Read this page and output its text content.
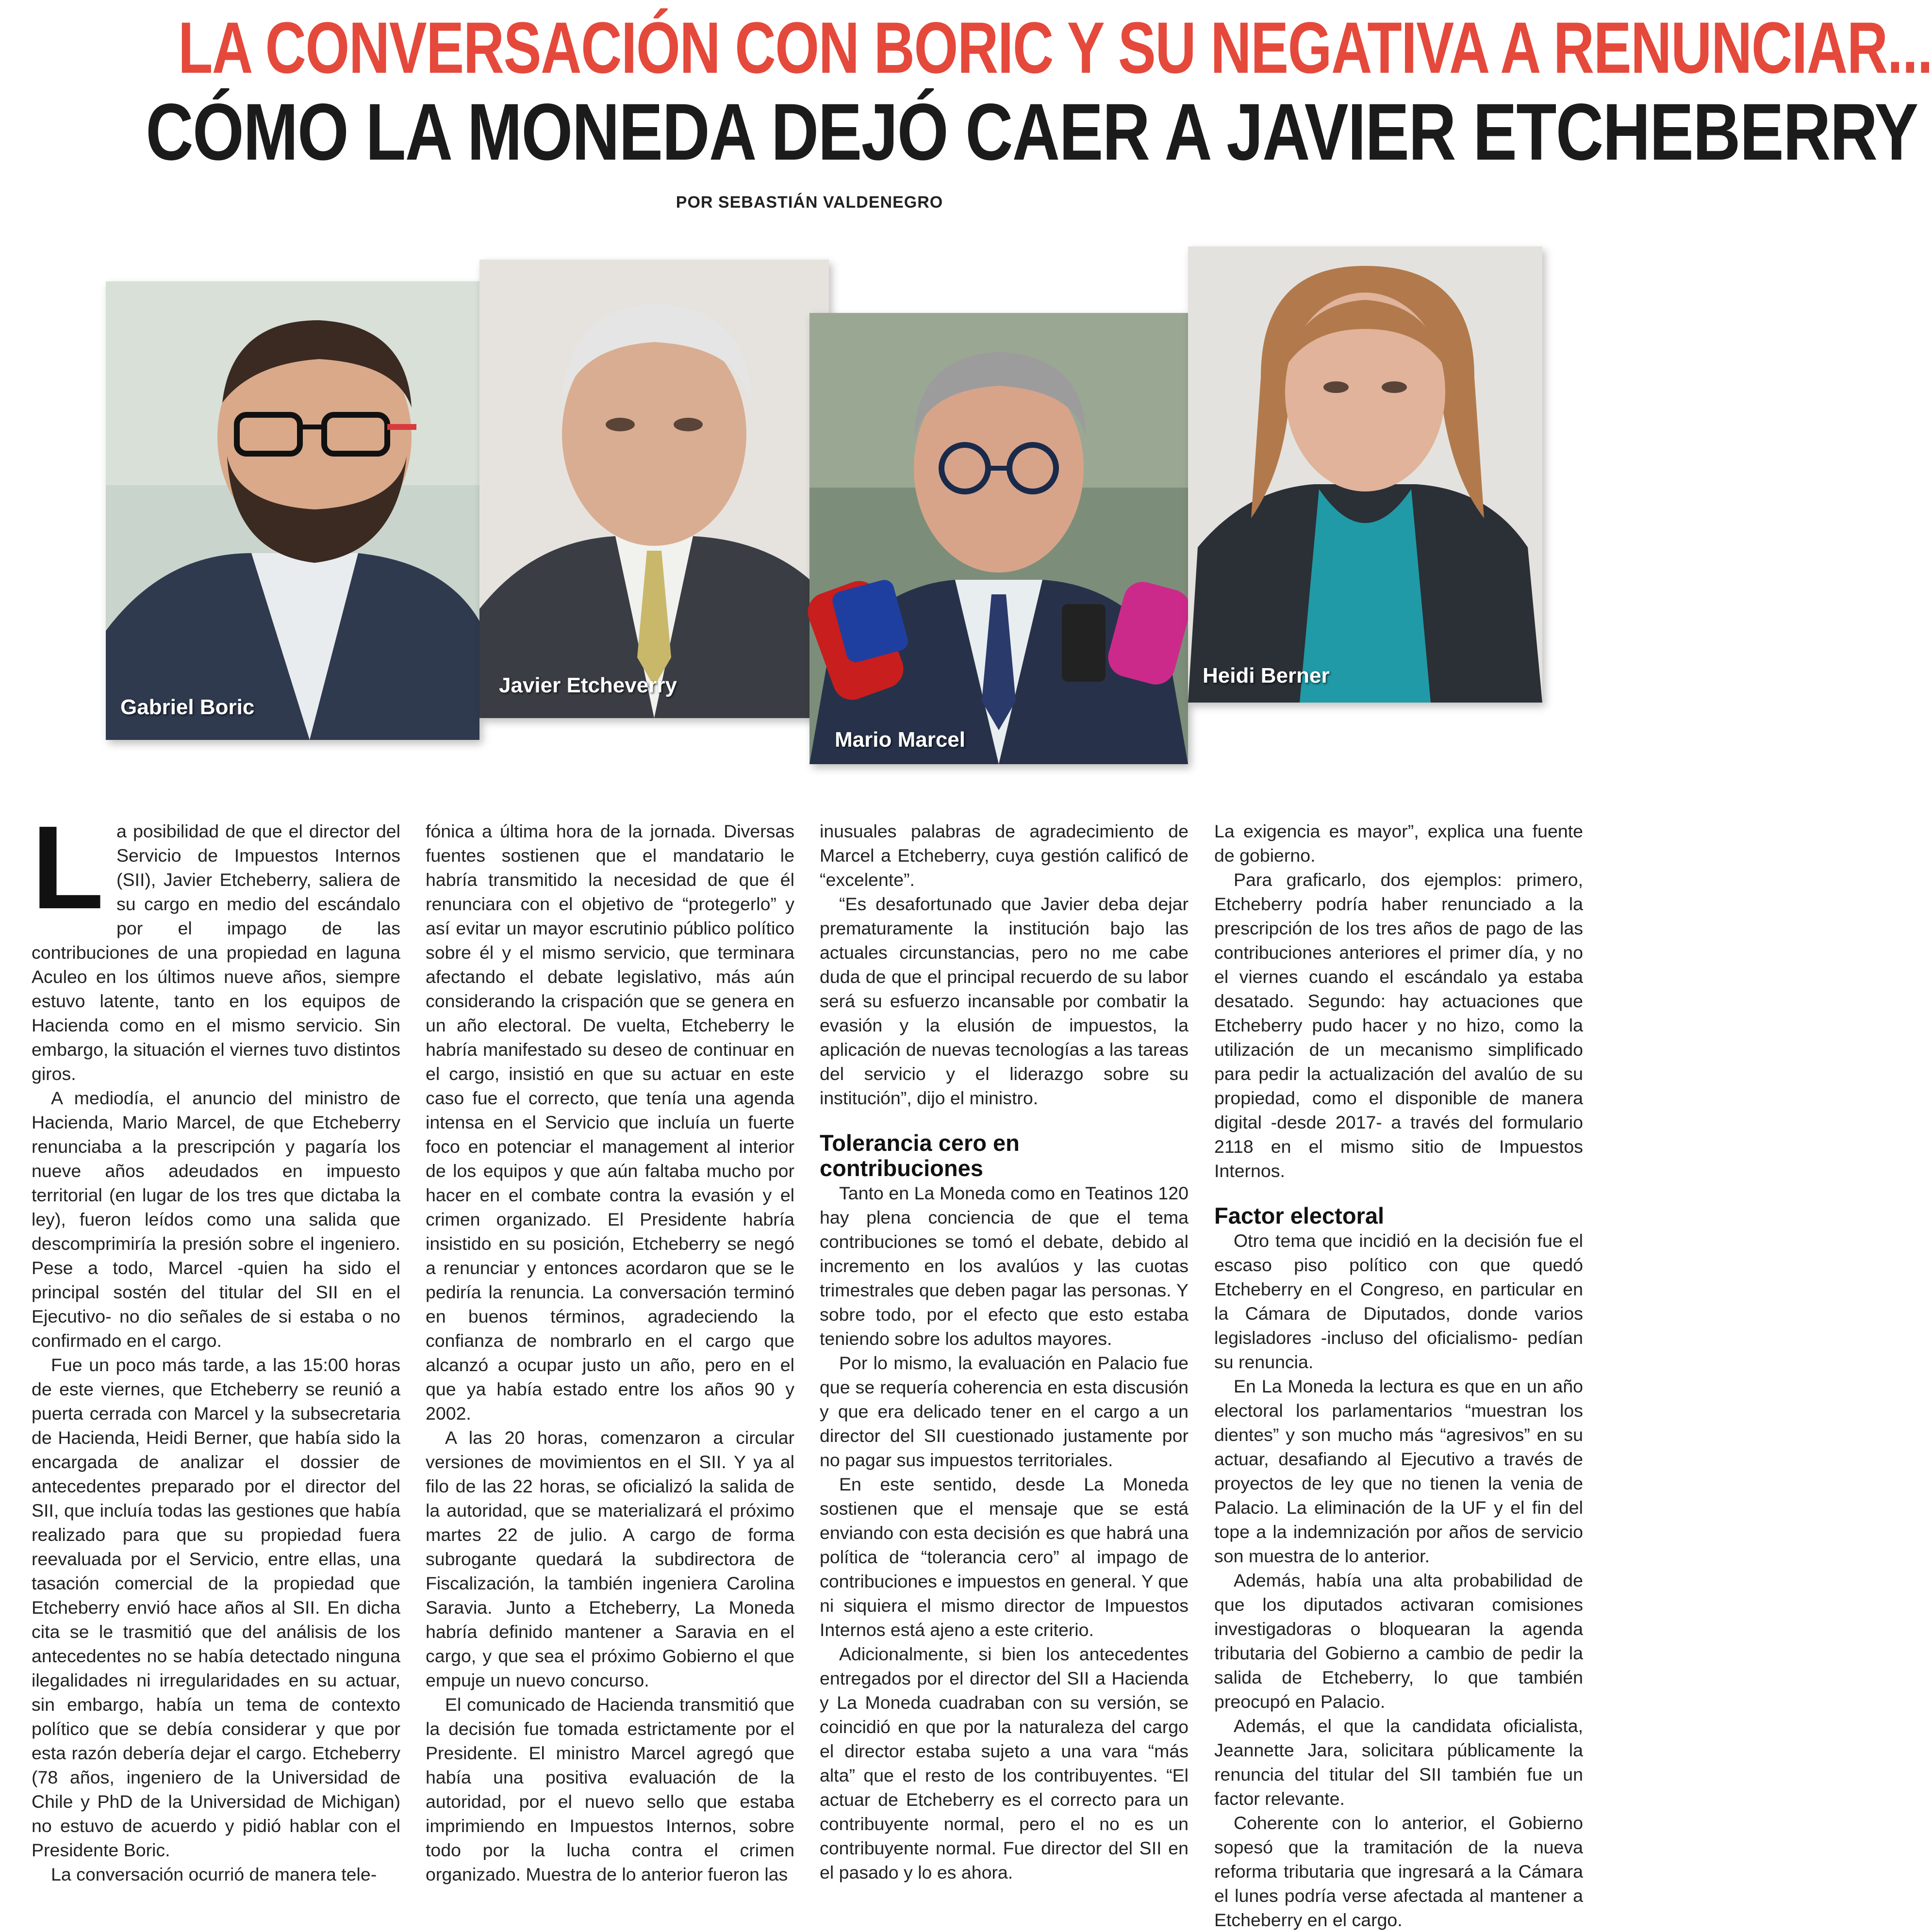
LA CONVERSACIÓN CON BORIC Y SU NEGATIVA A RENUNCIAR...
CÓMO LA MONEDA DEJÓ CAER A JAVIER ETCHEBERRY
POR SEBASTIÁN VALDENEGRO
Gabriel Boric
Javier Etcheverry
Mario Marcel
Heidi Berner
L a posibilidad de que el director del Servicio de Impuestos Internos (SII), Javier Etcheberry, saliera de su cargo en medio del escándalo por el impago de las contribuciones de una propiedad en laguna Aculeo en los últimos nueve años, siempre estuvo latente, tanto en los equipos de Hacienda como en el mismo servicio. Sin embargo, la situación el viernes tuvo distintos giros.

A mediodía, el anuncio del ministro de Hacienda, Mario Marcel, de que Etcheberry renunciaba a la prescripción y pagaría los nueve años adeudados en impuesto territorial (en lugar de los tres que dictaba la ley), fueron leídos como una salida que descomprimiría la presión sobre el ingeniero. Pese a todo, Marcel -quien ha sido el principal sostén del titular del SII en el Ejecutivo- no dio señales de si estaba o no confirmado en el cargo.

Fue un poco más tarde, a las 15:00 horas de este viernes, que Etcheberry se reunió a puerta cerrada con Marcel y la subsecretaria de Hacienda, Heidi Berner, que había sido la encargada de analizar el dossier de antecedentes preparado por el director del SII, que incluía todas las gestiones que había realizado para que su propiedad fuera reevaluada por el Servicio, entre ellas, una tasación comercial de la propiedad que Etcheberry envió hace años al SII. En dicha cita se le trasmitió que del análisis de los antecedentes no se había detectado ninguna ilegalidades ni irregularidades en su actuar, sin embargo, había un tema de contexto político que se debía considerar y que por esta razón debería dejar el cargo. Etcheberry (78 años, ingeniero de la Universidad de Chile y PhD de la Universidad de Michigan) no estuvo de acuerdo y pidió hablar con el Presidente Boric.

La conversación ocurrió de manera tele-

fónica a última hora de la jornada. Diversas fuentes sostienen que el mandatario le habría transmitido la necesidad de que él renunciara con el objetivo de “protegerlo” y así evitar un mayor escrutinio público político sobre él y el mismo servicio, que terminara afectando el debate legislativo, más aún considerando la crispación que se genera en un año electoral. De vuelta, Etcheberry le habría manifestado su deseo de continuar en el cargo, insistió en que su actuar en este caso fue el correcto, que tenía una agenda intensa en el Servicio que incluía un fuerte foco en potenciar el management al interior de los equipos y que aún faltaba mucho por hacer en el combate contra la evasión y el crimen organizado. El Presidente habría insistido en su posición, Etcheberry se negó a renunciar y entonces acordaron que se le pediría la renuncia. La conversación terminó en buenos términos, agradeciendo la confianza de nombrarlo en el cargo que alcanzó a ocupar justo un año, pero en el que ya había estado entre los años 90 y 2002.

A las 20 horas, comenzaron a circular versiones de movimientos en el SII. Y ya al filo de las 22 horas, se oficializó la salida de la autoridad, que se materializará el próximo martes 22 de julio. A cargo de forma subrogante quedará la subdirectora de Fiscalización, la también ingeniera Carolina Saravia. Junto a Etcheberry, La Moneda habría definido mantener a Saravia en el cargo, y que sea el próximo Gobierno el que empuje un nuevo concurso.

El comunicado de Hacienda transmitió que la decisión fue tomada estrictamente por el Presidente. El ministro Marcel agregó que había una positiva evaluación de la autoridad, por el nuevo sello que estaba imprimiendo en Impuestos Internos, sobre todo por la lucha contra el crimen organizado. Muestra de lo anterior fueron las

inusuales palabras de agradecimiento de Marcel a Etcheberry, cuya gestión calificó de “excelente”.

“Es desafortunado que Javier deba dejar prematuramente la institución bajo las actuales circunstancias, pero no me cabe duda de que el principal recuerdo de su labor será su esfuerzo incansable por combatir la evasión y la elusión de impuestos, la aplicación de nuevas tecnologías a las tareas del servicio y el liderazgo sobre su institución”, dijo el ministro.

Tolerancia cero en contribuciones

Tanto en La Moneda como en Teatinos 120 hay plena conciencia de que el tema contribuciones se tomó el debate, debido al incremento en los avalúos y las cuotas trimestrales que deben pagar las personas. Y sobre todo, por el efecto que esto estaba teniendo sobre los adultos mayores.

Por lo mismo, la evaluación en Palacio fue que se requería coherencia en esta discusión y que era delicado tener en el cargo a un director del SII cuestionado justamente por no pagar sus impuestos territoriales.

En este sentido, desde La Moneda sostienen que el mensaje que se está enviando con esta decisión es que habrá una política de “tolerancia cero” al impago de contribuciones e impuestos en general. Y que ni siquiera el mismo director de Impuestos Internos está ajeno a este criterio.

Adicionalmente, si bien los antecedentes entregados por el director del SII a Hacienda y La Moneda cuadraban con su versión, se coincidió en que por la naturaleza del cargo el director estaba sujeto a una vara “más alta” que el resto de los contribuyentes. “El actuar de Etcheberry es el correcto para un contribuyente normal, pero el no es un contribuyente normal. Fue director del SII en el pasado y lo es ahora.

La exigencia es mayor”, explica una fuente de gobierno.

Para graficarlo, dos ejemplos: primero, Etcheberry podría haber renunciado a la prescripción de los tres años de pago de las contribuciones anteriores el primer día, y no el viernes cuando el escándalo ya estaba desatado. Segundo: hay actuaciones que Etcheberry pudo hacer y no hizo, como la utilización de un mecanismo simplificado para pedir la actualización del avalúo de su propiedad, como el disponible de manera digital -desde 2017- a través del formulario 2118 en el mismo sitio de Impuestos Internos.

Factor electoral

Otro tema que incidió en la decisión fue el escaso piso político con que quedó Etcheberry en el Congreso, en particular en la Cámara de Diputados, donde varios legisladores -incluso del oficialismo- pedían su renuncia.

En La Moneda la lectura es que en un año electoral los parlamentarios “muestran los dientes” y son mucho más “agresivos” en su actuar, desafiando al Ejecutivo a través de proyectos de ley que no tienen la venia de Palacio. La eliminación de la UF y el fin del tope a la indemnización por años de servicio son muestra de lo anterior.

Además, había una alta probabilidad de que los diputados activaran comisiones investigadoras o bloquearan la agenda tributaria del Gobierno a cambio de pedir la salida de Etcheberry, lo que también preocupó en Palacio.

Además, el que la candidata oficialista, Jeannette Jara, solicitara públicamente la renuncia del titular del SII también fue un factor relevante.

Coherente con lo anterior, el Gobierno sopesó que la tramitación de la nueva reforma tributaria que ingresará a la Cámara el lunes podría verse afectada al mantener a Etcheberry en el cargo.
